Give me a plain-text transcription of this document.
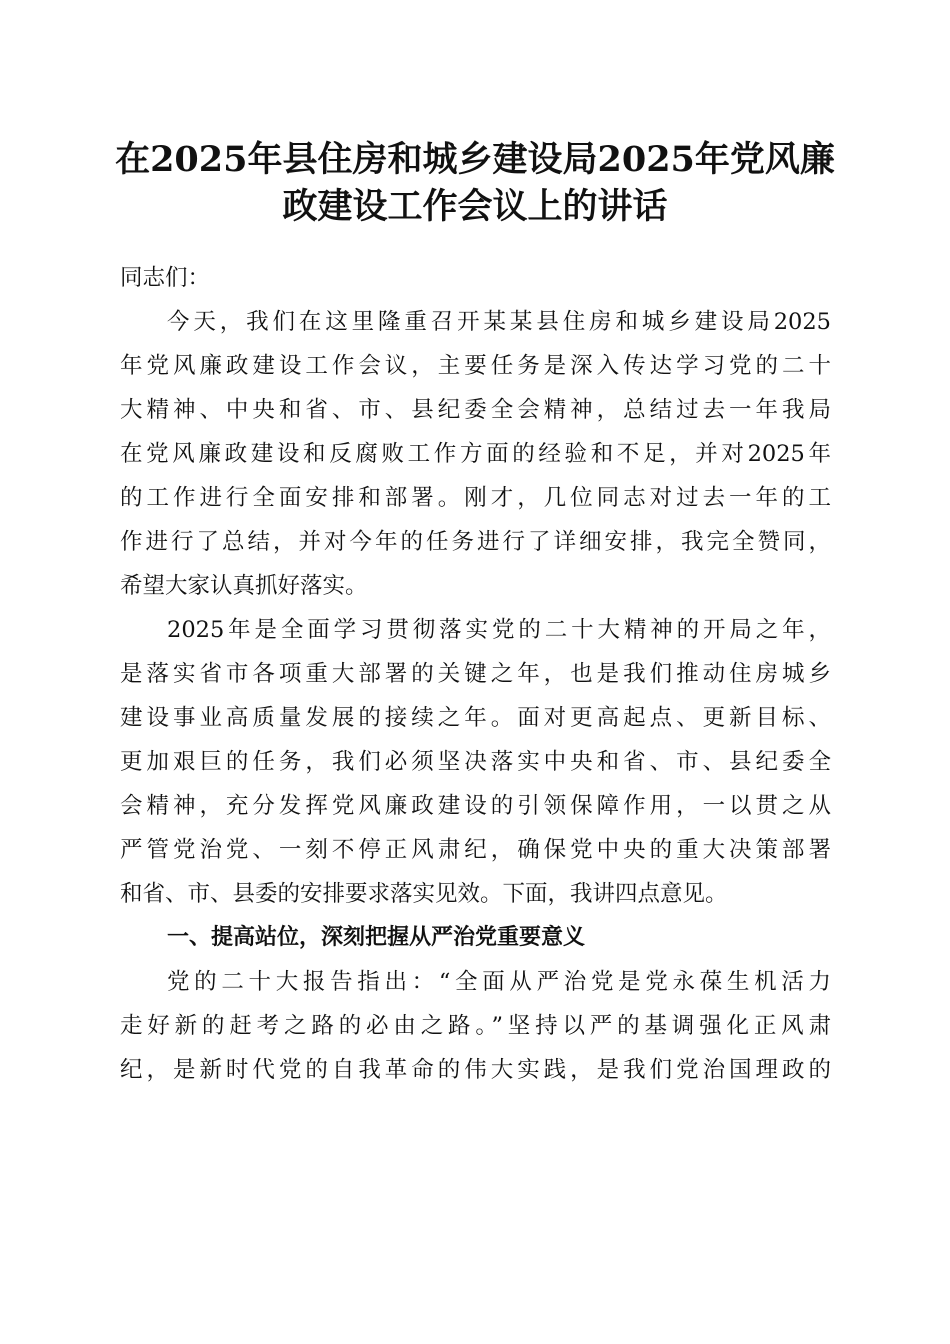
在2025年县住房和城乡建设局2025年党风廉
政建设工作会议上的讲话
同志们：
今天，我们在这里隆重召开某某县住房和城乡建设局2025
年党风廉政建设工作会议，主要任务是深入传达学习党的二十
大精神、中央和省、市、县纪委全会精神，总结过去一年我局
在党风廉政建设和反腐败工作方面的经验和不足，并对2025年
的工作进行全面安排和部署。刚才，几位同志对过去一年的工
作进行了总结，并对今年的任务进行了详细安排，我完全赞同，
希望大家认真抓好落实。
2025年是全面学习贯彻落实党的二十大精神的开局之年，
是落实省市各项重大部署的关键之年，也是我们推动住房城乡
建设事业高质量发展的接续之年。面对更高起点、更新目标、
更加艰巨的任务，我们必须坚决落实中央和省、市、县纪委全
会精神，充分发挥党风廉政建设的引领保障作用，一以贯之从
严管党治党、一刻不停正风肃纪，确保党中央的重大决策部署
和省、市、县委的安排要求落实见效。下面，我讲四点意见。
一、提高站位，深刻把握从严治党重要意义
党的二十大报告指出：“全面从严治党是党永葆生机活力
走好新的赶考之路的必由之路。”坚持以严的基调强化正风肃
纪，是新时代党的自我革命的伟大实践，是我们党治国理政的
